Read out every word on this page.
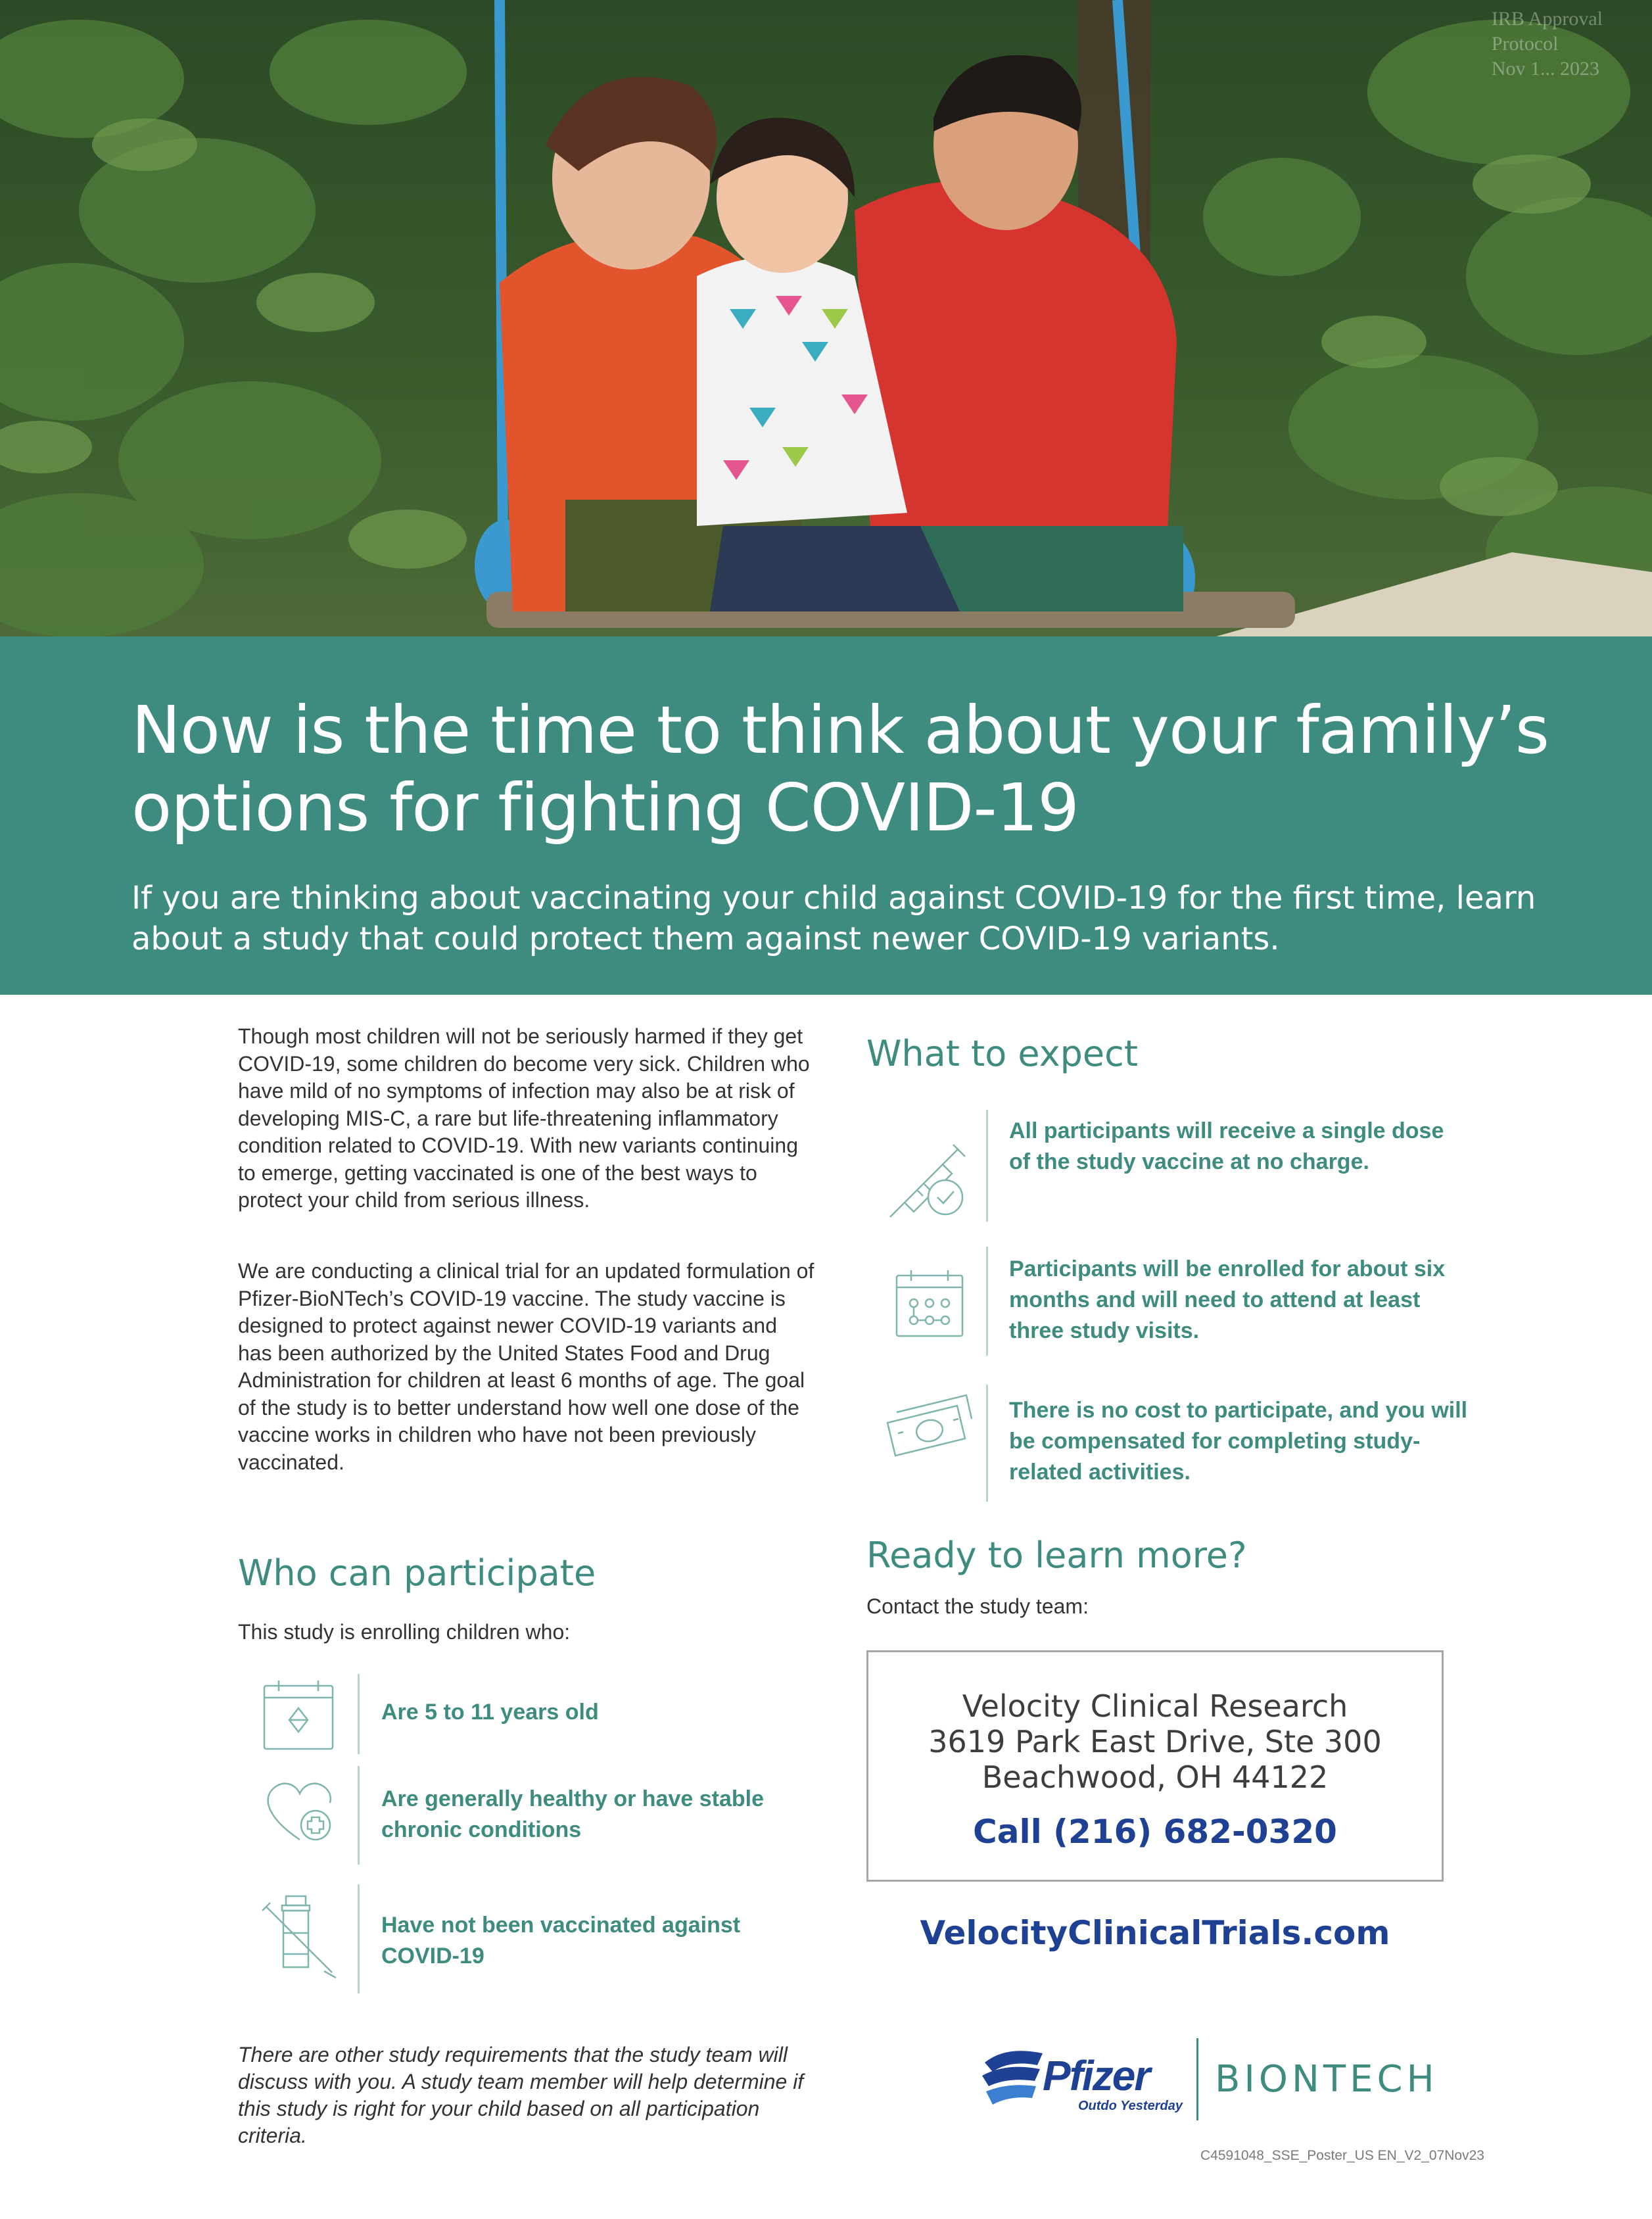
IRB Approval
Protocol
Nov 1... 2023
Now is the time to think about your family’s options for fighting COVID-19

If you are thinking about vaccinating your child against COVID-19 for the first time, learn about a study that could protect them against newer COVID-19 variants.

Though most children will not be seriously harmed if they get COVID-19, some children do become very sick. Children who have mild of no symptoms of infection may also be at risk of developing MIS-C, a rare but life-threatening inflammatory condition related to COVID-19. With new variants continuing to emerge, getting vaccinated is one of the best ways to protect your child from serious illness.

We are conducting a clinical trial for an updated formulation of Pfizer-BioNTech’s COVID-19 vaccine. The study vaccine is designed to protect against newer COVID-19 variants and has been authorized by the United States Food and Drug Administration for children at least 6 months of age. The goal of the study is to better understand how well one dose of the vaccine works in children who have not been previously vaccinated.

Who can participate

This study is enrolling children who:

Are 5 to 11 years old

Are generally healthy or have stable chronic conditions

Have not been vaccinated against COVID-19

There are other study requirements that the study team will discuss with you. A study team member will help determine if this study is right for your child based on all participation criteria.

What to expect

All participants will receive a single dose of the study vaccine at no charge.

Participants will be enrolled for about six months and will need to attend at least three study visits.

There is no cost to participate, and you will be compensated for completing study-related activities.

Ready to learn more?

Contact the study team:

Velocity Clinical Research
3619 Park East Drive, Ste 300
Beachwood, OH 44122
Call (216) 682-0320
VelocityClinicalTrials.com
Pfizer
Outdo Yesterday
BIONTECH
C4591048_SSE_Poster_US EN_V2_07Nov23
